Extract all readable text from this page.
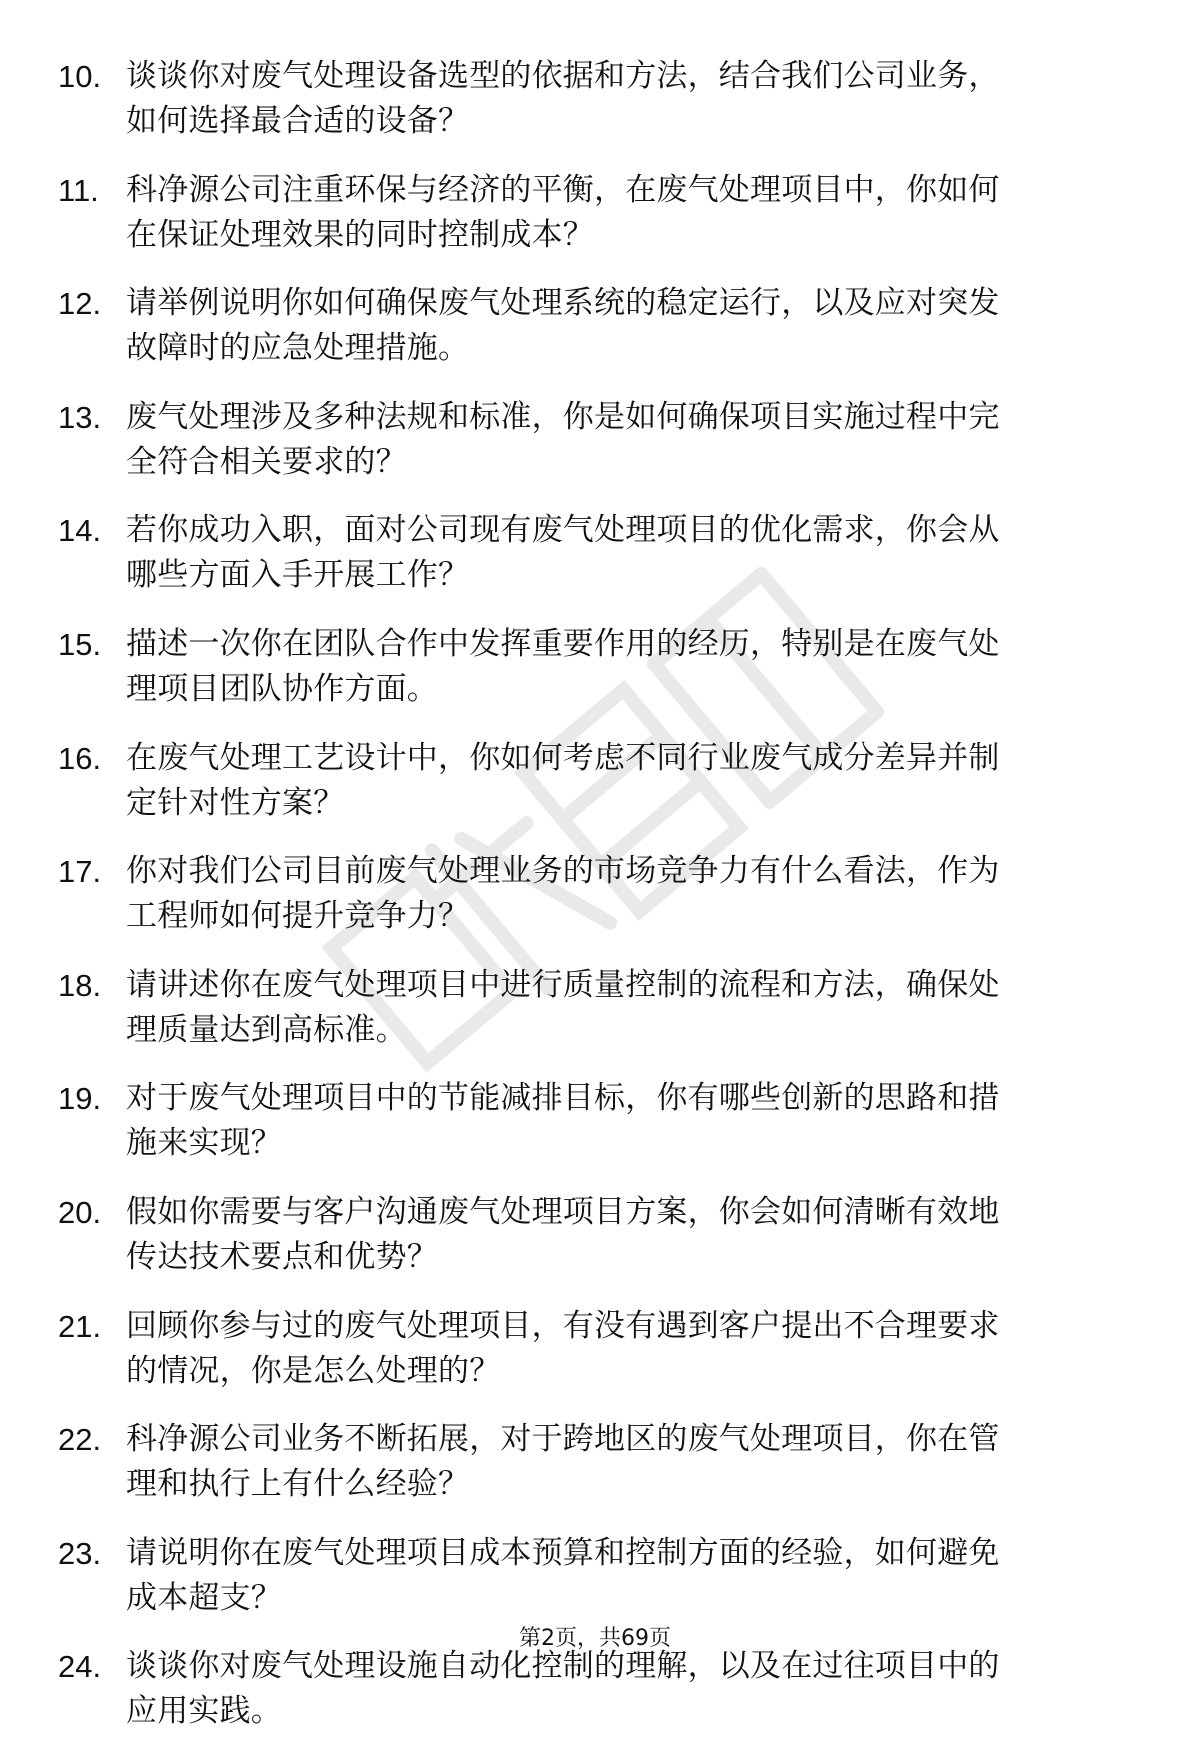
10. 谈谈你对废气处理设备选型的依据和方法，结合我们公司业务，
如何选择最合适的设备？
11. 科净源公司注重环保与经济的平衡，在废气处理项目中，你如何
在保证处理效果的同时控制成本？
12. 请举例说明你如何确保废气处理系统的稳定运行，以及应对突发
故障时的应急处理措施。
13. 废气处理涉及多种法规和标准，你是如何确保项目实施过程中完
全符合相关要求的？
14. 若你成功入职，面对公司现有废气处理项目的优化需求，你会从
哪些方面入手开展工作？
15. 描述一次你在团队合作中发挥重要作用的经历，特别是在废气处
理项目团队协作方面。
16. 在废气处理工艺设计中，你如何考虑不同行业废气成分差异并制
定针对性方案？
17. 你对我们公司目前废气处理业务的市场竞争力有什么看法，作为
工程师如何提升竞争力？
18. 请讲述你在废气处理项目中进行质量控制的流程和方法，确保处
理质量达到高标准。
19. 对于废气处理项目中的节能减排目标，你有哪些创新的思路和措
施来实现？
20. 假如你需要与客户沟通废气处理项目方案，你会如何清晰有效地
传达技术要点和优势？
21. 回顾你参与过的废气处理项目，有没有遇到客户提出不合理要求
的情况，你是怎么处理的？
22. 科净源公司业务不断拓展，对于跨地区的废气处理项目，你在管
理和执行上有什么经验？
23. 请说明你在废气处理项目成本预算和控制方面的经验，如何避免
成本超支？
24. 谈谈你对废气处理设施自动化控制的理解，以及在过往项目中的
应用实践。
第2页，共69页
